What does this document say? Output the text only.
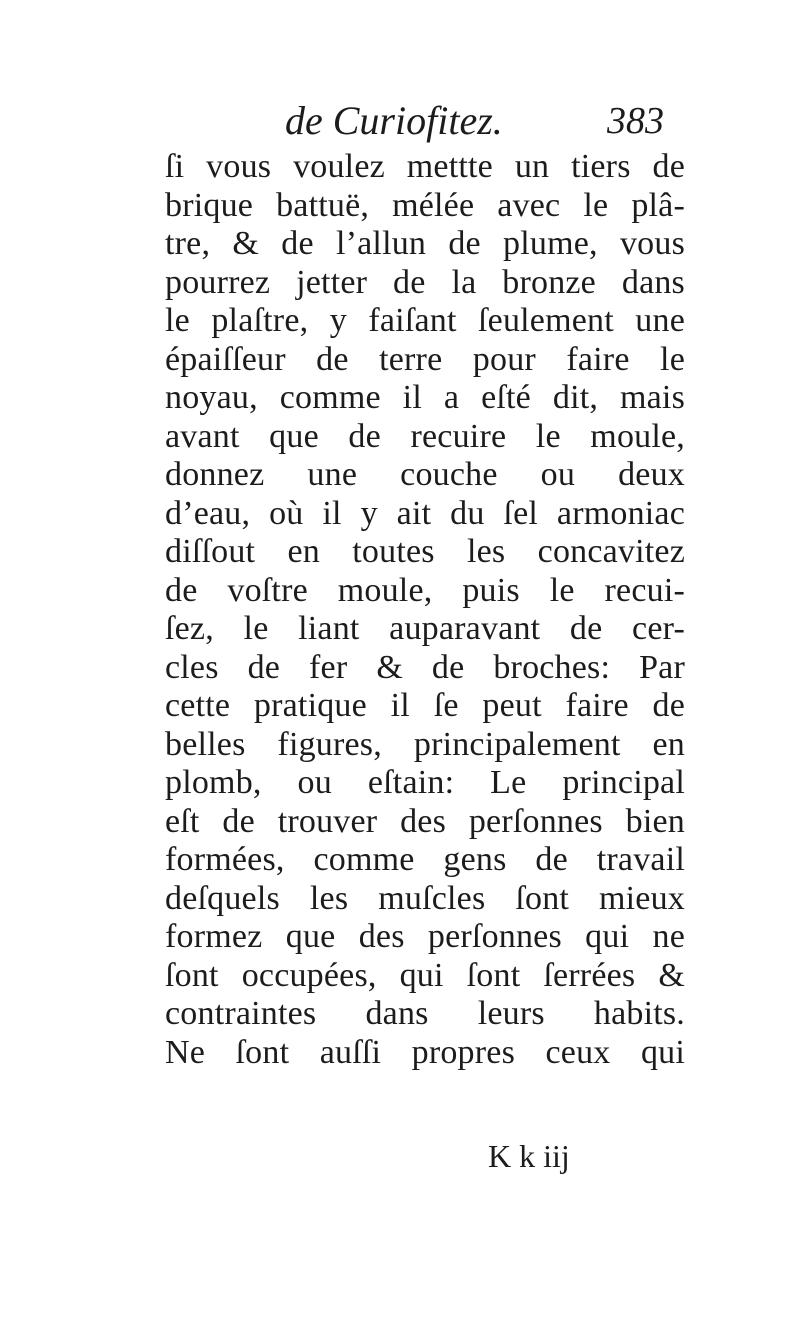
de Curiofitez.	383
ſi vous voulez mettte un tiers de
brique battuë, mélée avec le plâ-
tre, & de l’allun de plume, vous
pourrez jetter de la bronze dans
le plaſtre, y faiſant ſeulement une
épaiſſeur de terre pour faire le
noyau, comme il a eſté dit, mais
avant que de recuire le moule,
donnez une couche ou deux
d’eau, où il y ait du ſel armoniac
diſſout en toutes les concavitez
de voſtre moule, puis le recui-
ſez, le liant auparavant de cer-
cles de fer & de broches: Par
cette pratique il ſe peut faire de
belles figures, principalement en
plomb, ou eſtain: Le principal
eſt de trouver des perſonnes bien
formées, comme gens de travail
deſquels les muſcles ſont mieux
formez que des perſonnes qui ne
ſont occupées, qui ſont ſerrées &
contraintes dans leurs habits.
Ne ſont auſſi propres ceux qui
K k iij
